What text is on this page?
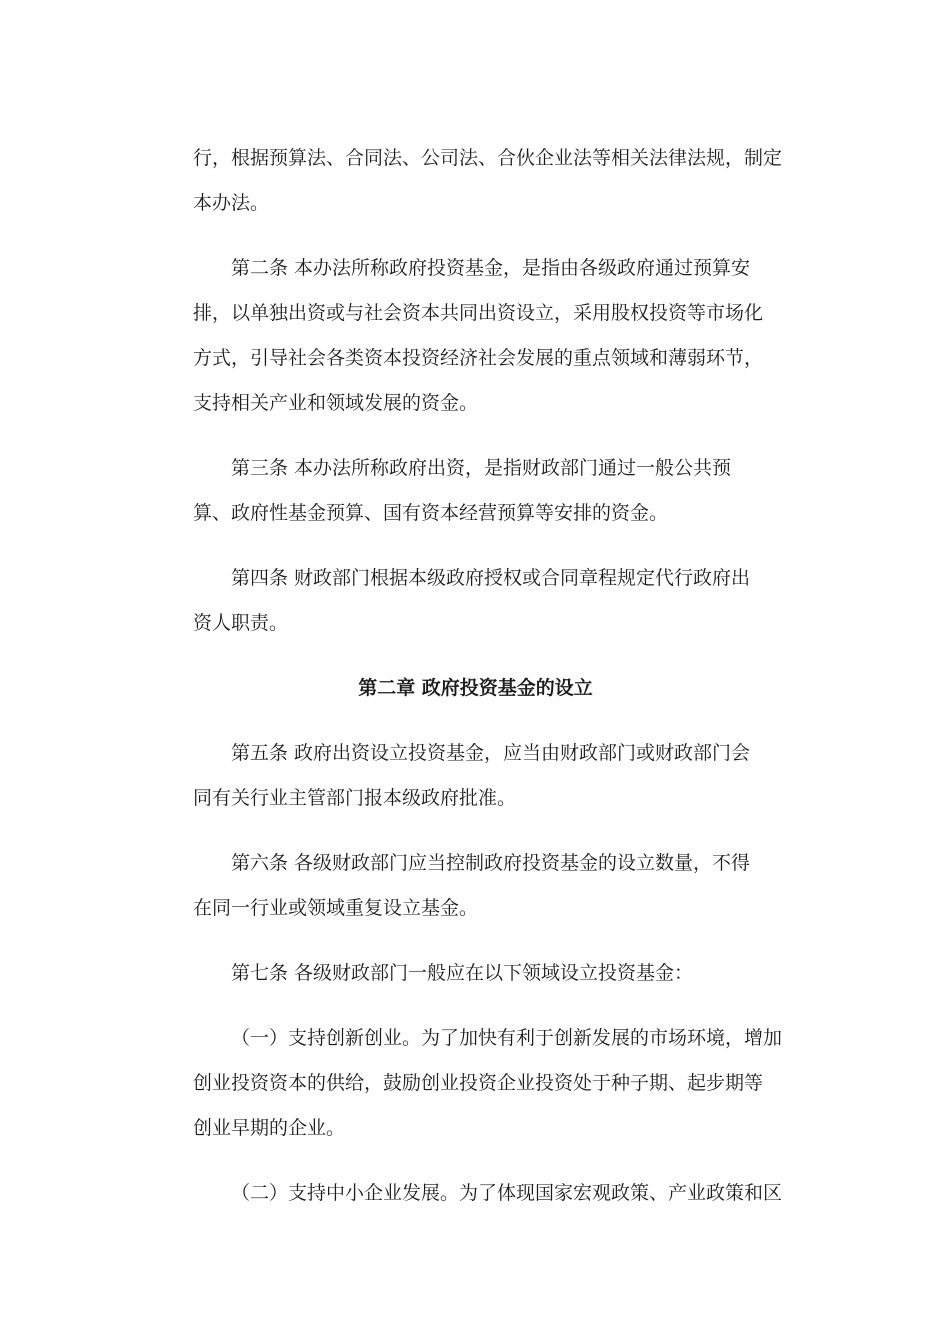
行，根据预算法、合同法、公司法、合伙企业法等相关法律法规，制定
本办法。

第二条 本办法所称政府投资基金，是指由各级政府通过预算安
排，以单独出资或与社会资本共同出资设立，采用股权投资等市场化
方式，引导社会各类资本投资经济社会发展的重点领域和薄弱环节，
支持相关产业和领域发展的资金。

第三条 本办法所称政府出资，是指财政部门通过一般公共预
算、政府性基金预算、国有资本经营预算等安排的资金。

第四条 财政部门根据本级政府授权或合同章程规定代行政府出
资人职责。

第二章 政府投资基金的设立

第五条 政府出资设立投资基金，应当由财政部门或财政部门会
同有关行业主管部门报本级政府批准。

第六条 各级财政部门应当控制政府投资基金的设立数量，不得
在同一行业或领域重复设立基金。

第七条 各级财政部门一般应在以下领域设立投资基金：

（一）支持创新创业。为了加快有利于创新发展的市场环境，增加
创业投资资本的供给，鼓励创业投资企业投资处于种子期、起步期等
创业早期的企业。

（二）支持中小企业发展。为了体现国家宏观政策、产业政策和区
